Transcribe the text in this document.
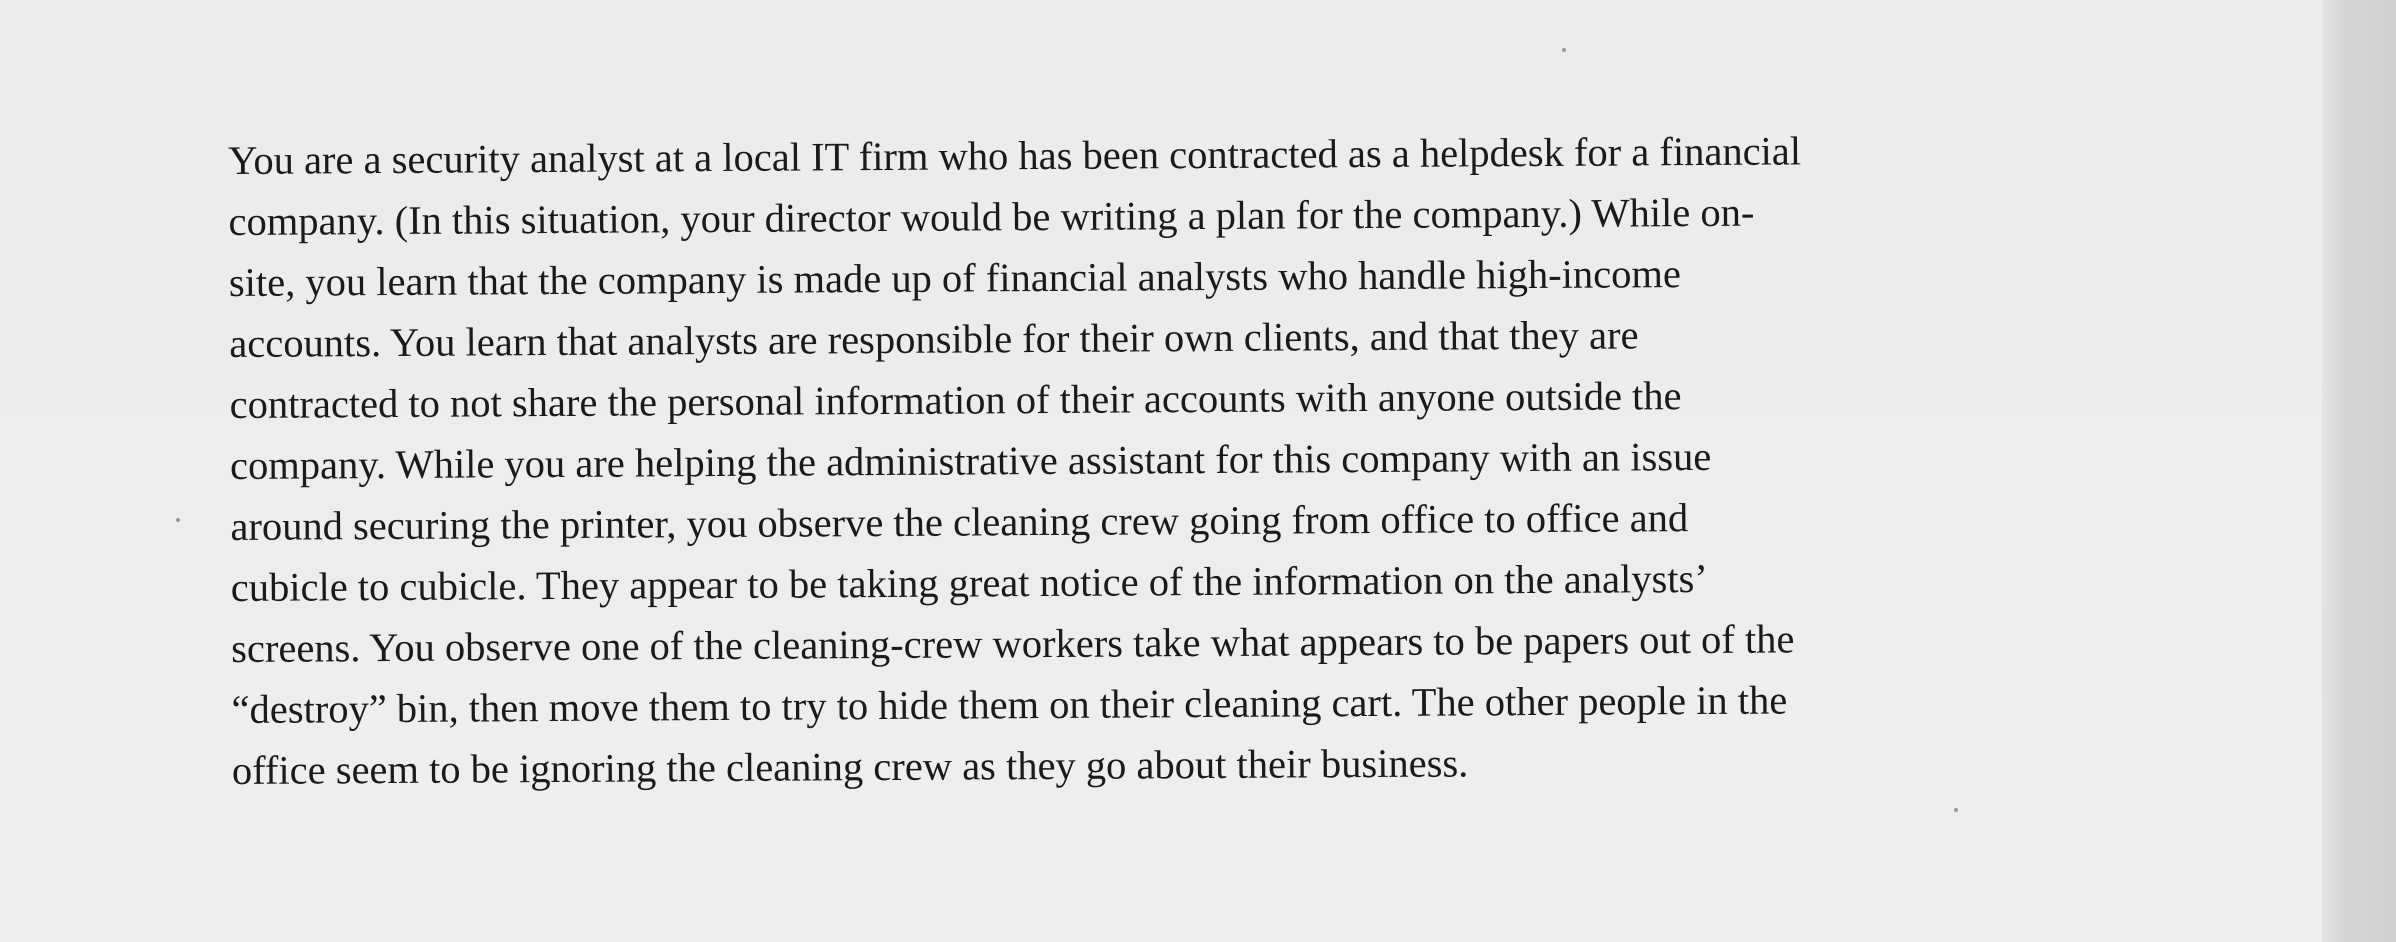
You are a security analyst at a local IT firm who has been contracted as a helpdesk for a financial
company. (In this situation, your director would be writing a plan for the company.) While on-
site, you learn that the company is made up of financial analysts who handle high-income
accounts. You learn that analysts are responsible for their own clients, and that they are
contracted to not share the personal information of their accounts with anyone outside the
company. While you are helping the administrative assistant for this company with an issue
around securing the printer, you observe the cleaning crew going from office to office and
cubicle to cubicle. They appear to be taking great notice of the information on the analysts’
screens. You observe one of the cleaning-crew workers take what appears to be papers out of the
“destroy” bin, then move them to try to hide them on their cleaning cart. The other people in the
office seem to be ignoring the cleaning crew as they go about their business.
